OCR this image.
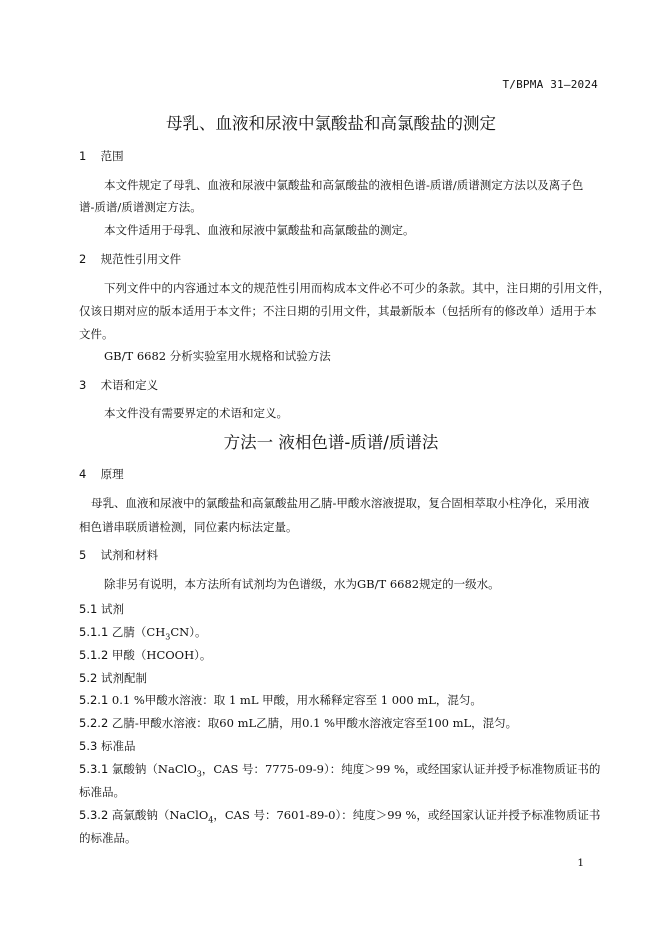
T/BPMA 31—2024
母乳、血液和尿液中氯酸盐和高氯酸盐的测定
1 范围
本文件规定了母乳、血液和尿液中氯酸盐和高氯酸盐的液相色谱-质谱/质谱测定方法以及离子色
谱-质谱/质谱测定方法。
本文件适用于母乳、血液和尿液中氯酸盐和高氯酸盐的测定。
2 规范性引用文件
下列文件中的内容通过本文的规范性引用而构成本文件必不可少的条款。其中，注日期的引用文件，
仅该日期对应的版本适用于本文件；不注日期的引用文件，其最新版本（包括所有的修改单）适用于本
文件。
GB/T 6682 分析实验室用水规格和试验方法
3 术语和定义
本文件没有需要界定的术语和定义。
方法一 液相色谱-质谱/质谱法
4 原理
母乳、血液和尿液中的氯酸盐和高氯酸盐用乙腈-甲酸水溶液提取，复合固相萃取小柱净化，采用液
相色谱串联质谱检测，同位素内标法定量。
5 试剂和材料
除非另有说明，本方法所有试剂均为色谱级，水为GB/T 6682规定的一级水。
5.1 试剂
5.1.1 乙腈$(CH_3CN)$。
5.1.2 甲酸（HCOOH）。
5.2 试剂配制
5.2.1 0.1 %甲酸水溶液：取 1 mL 甲酸，用水稀释定容至 1 000 mL，混匀。
5.2.2 乙腈-甲酸水溶液：取60 mL乙腈，用0.1 %甲酸水溶液定容至100 mL，混匀。
5.3 标准品
5.3.1 氯酸钠（NaClO$_3$，CAS 号：7775-09-9）：纯度＞99 %，或经国家认证并授予标准物质证书的
标准品。
5.3.2 高氯酸钠（NaClO$_4$，CAS 号：7601-89-0）：纯度＞99 %，或经国家认证并授予标准物质证书
的标准品。
1
